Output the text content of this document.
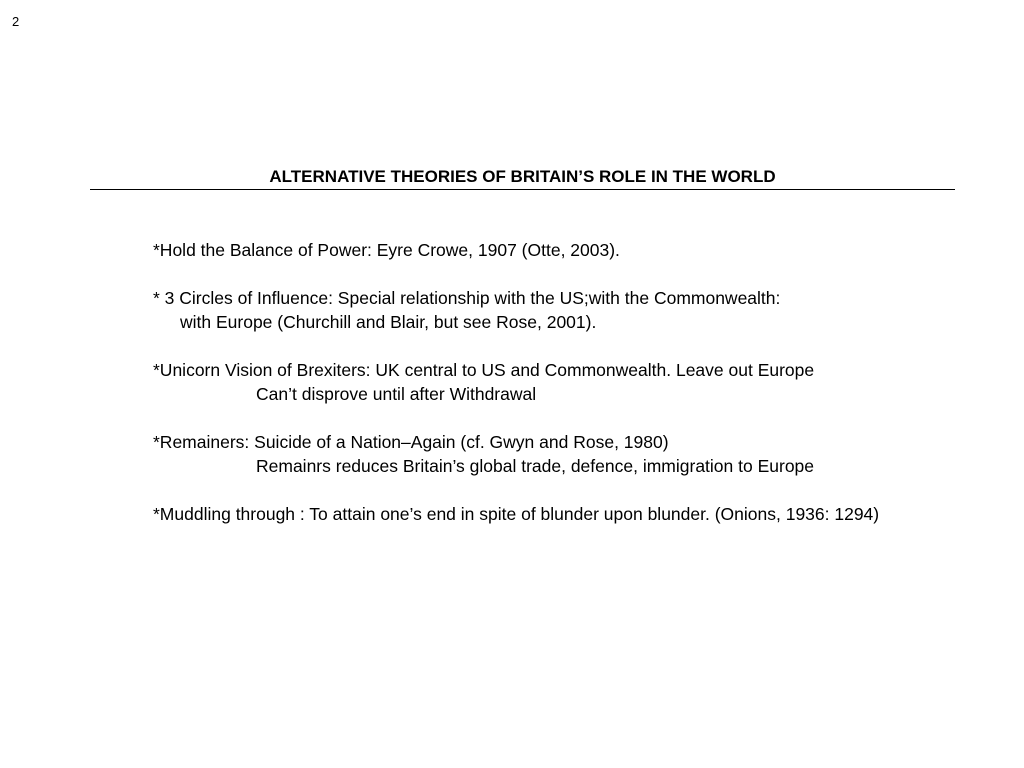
2
ALTERNATIVE THEORIES OF BRITAIN’S ROLE IN THE WORLD
*Hold the Balance of Power: Eyre Crowe, 1907 (Otte, 2003).
* 3 Circles of Influence: Special relationship with the US;with the Commonwealth:
with Europe (Churchill and Blair, but see Rose, 2001).
*Unicorn Vision of Brexiters: UK central to US and Commonwealth. Leave out Europe
Can’t disprove until after Withdrawal
*Remainers: Suicide of a Nation–Again (cf. Gwyn and Rose, 1980)
Remainrs reduces Britain’s global trade, defence, immigration to Europe
*Muddling through : To attain one’s end in spite of blunder upon blunder. (Onions, 1936: 1294)
